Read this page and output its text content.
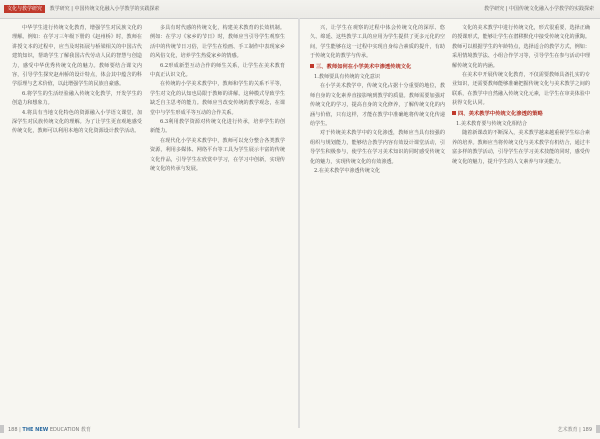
文化与教学研究 教学研究 | 中国传统文化融入小学教学的实践探索	教学研究 | 中国传统文化融入小学教学的实践探索

中华学生进行传统文化教育，增强学生对民族文化的理解。例如：在学习三年级下册的《赵州桥》时，教师在讲授文本的过程中，应当及时拓展与桥梁相关的中国古代建筑知识，帮助学生了解我国古代劳动人民的智慧与创造力，感受中华优秀传统文化的魅力。教师要结合课文内容，引导学生探究赵州桥的设计特点，体会其中蕴含的科学原理与艺术价值，以此增强学生的民族自豪感。

6.将学生的生活经验融入传统文化教学，开发学生的创造力和想象力。

4.将具有当地文化特色的资源融入小学语文课堂，加深学生对民族传统文化的理解。为了让学生更直观地感受传统文化，教师可以利用本地的文化资源设计教学活动。

多具有时代感的传统文化，构建美术教育的长效机制。例如：在学习《家乡的节日》时，教师应当引导学生观察生活中的传统节日习俗，让学生在绘画、手工制作中表现家乡的风俗文化，培养学生热爱家乡的情感。

6.2形成新型互动合作的师生关系，让学生在美术教育中真正认识文化。

在传统的小学美术教学中，教师和学生的关系不平等，学生对文化的认知也局限于教师的讲解。这种模式导致学生缺乏自主思考的能力。教师应当改变传统的教学观念，在课堂中与学生形成平等互动的合作关系。

6.3利用教学资源对传统文化进行传承，培养学生的创新能力。

在现代化小学美术教学中，教师可以充分整合各类教学资源，利用多媒体、网络平台等工具为学生展示丰富的传统文化作品，引导学生在欣赏中学习，在学习中创新，实现传统文化的传承与发展。

兴，让学生在观察的过程中体会传统文化的深厚、悠久、绵延、这些教学工具的应用为学生提供了更多元化的空间，学生能够在这一过程中实现自身综合素质的提升，有助于传统文化的教学与传承。

三、教师如何在小学美术中渗透传统文化

1.教师要具有传统的文化意识

在小学美术教学中，传统文化占据十分重要的地位，教师自身的文化素养直接影响到教学的质量。教师需要加强对传统文化的学习，提高自身的文化修养，了解传统文化的内涵与价值，只有这样，才能在教学中准确地将传统文化传递给学生。

对于传统美术教学中的文化渗透，教师应当具有较强的组织与规划能力，能够结合教学内容有效设计课堂活动，引导学生积极参与，使学生在学习美术知识的同时感受传统文化的魅力，实现传统文化的有效渗透。

2.在美术教学中渗透传统文化

文化的美术教学中进行传统文化，形式很重要，选择正确的授课形式，能够让学生在潜移默化中接受传统文化的熏陶。教师可以根据学生的年龄特点，选择适合的教学方式，例如：采用情境教学法、小组合作学习等，引导学生在参与活动中理解传统文化的内涵。

在美术中开展传统文化教育，不仅需要教师具备扎实的专业知识，还需要教师能够准确把握传统文化与美术教学之间的联系，在教学中自然融入传统文化元素，让学生在审美体验中获得文化认同。

四、美术教学中传统文化渗透的策略

1.美术教育要与传统文化相结合

随着新课改的不断深入，美术教学越来越重视学生综合素养的培养。教师应当将传统文化与美术教学有机结合，通过丰富多样的教学活动，引导学生在学习美术技能的同时，感受传统文化的魅力，提升学生的人文素养与审美能力。

188 | THE NEW EDUCATION 教育	艺术教育 | 189
